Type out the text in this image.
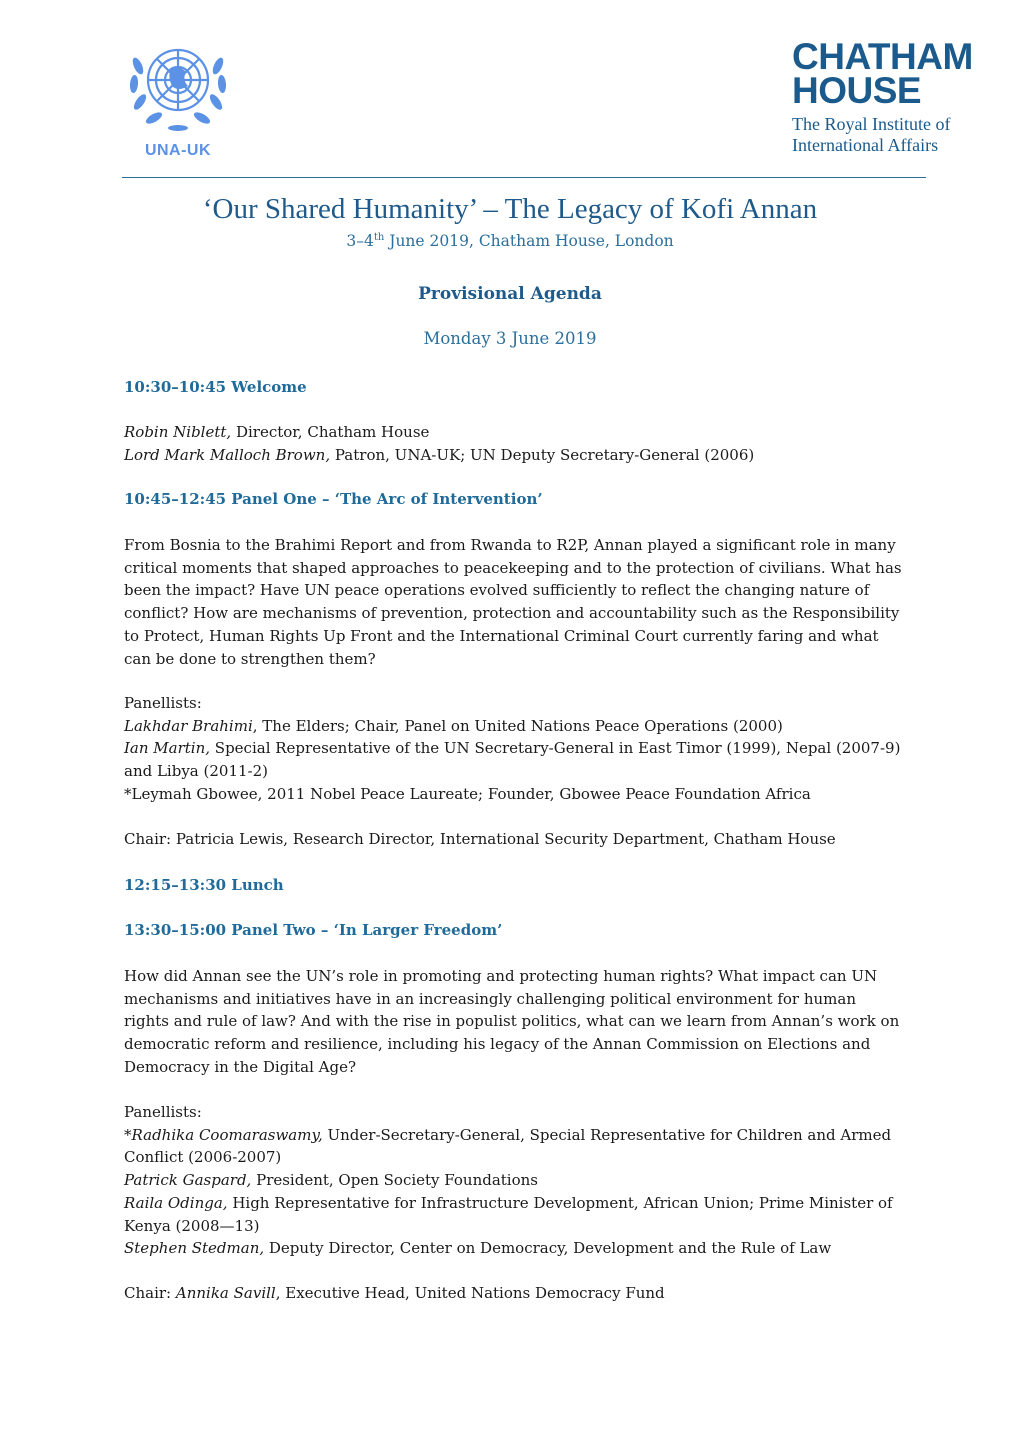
UNA-UK
CHATHAM
HOUSE
The Royal Institute of
International Affairs
‘Our Shared Humanity’ – The Legacy of Kofi Annan
3–4th June 2019, Chatham House, London
Provisional Agenda
Monday 3 June 2019
10:30–10:45 Welcome
Robin Niblett, Director, Chatham House
Lord Mark Malloch Brown, Patron, UNA-UK; UN Deputy Secretary-General (2006)
10:45–12:45 Panel One – ‘The Arc of Intervention’
From Bosnia to the Brahimi Report and from Rwanda to R2P, Annan played a significant role in many
critical moments that shaped approaches to peacekeeping and to the protection of civilians. What has
been the impact? Have UN peace operations evolved sufficiently to reflect the changing nature of
conflict? How are mechanisms of prevention, protection and accountability such as the Responsibility
to Protect, Human Rights Up Front and the International Criminal Court currently faring and what
can be done to strengthen them?
Panellists:
Lakhdar Brahimi, The Elders; Chair, Panel on United Nations Peace Operations (2000)
Ian Martin, Special Representative of the UN Secretary-General in East Timor (1999), Nepal (2007-9)
and Libya (2011-2)
*Leymah Gbowee, 2011 Nobel Peace Laureate; Founder, Gbowee Peace Foundation Africa
Chair: Patricia Lewis, Research Director, International Security Department, Chatham House
12:15–13:30 Lunch
13:30–15:00 Panel Two – ‘In Larger Freedom’
How did Annan see the UN’s role in promoting and protecting human rights? What impact can UN
mechanisms and initiatives have in an increasingly challenging political environment for human
rights and rule of law? And with the rise in populist politics, what can we learn from Annan’s work on
democratic reform and resilience, including his legacy of the Annan Commission on Elections and
Democracy in the Digital Age?
Panellists:
*Radhika Coomaraswamy, Under-Secretary-General, Special Representative for Children and Armed
Conflict (2006-2007)
Patrick Gaspard, President, Open Society Foundations
Raila Odinga, High Representative for Infrastructure Development, African Union; Prime Minister of
Kenya (2008—13)
Stephen Stedman, Deputy Director, Center on Democracy, Development and the Rule of Law
Chair: Annika Savill, Executive Head, United Nations Democracy Fund
